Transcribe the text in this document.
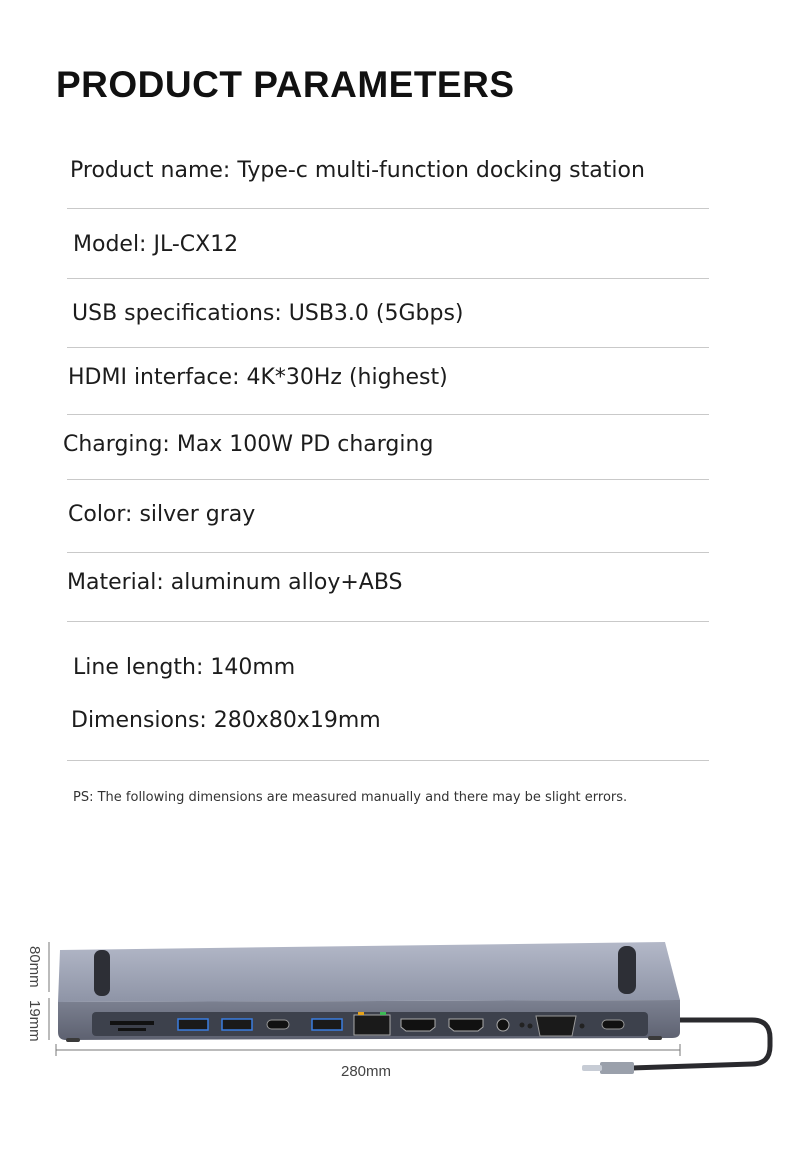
PRODUCT PARAMETERS
Product name: Type-c multi-function docking station
Model: JL-CX12
USB specifications: USB3.0 (5Gbps)
HDMI interface: 4K*30Hz (highest)
Charging: Max 100W PD charging
Color: silver gray
Material: aluminum alloy+ABS
Line length: 140mm
Dimensions: 280x80x19mm
PS: The following dimensions are measured manually and there may be slight errors.
80mm
19mm
280mm
